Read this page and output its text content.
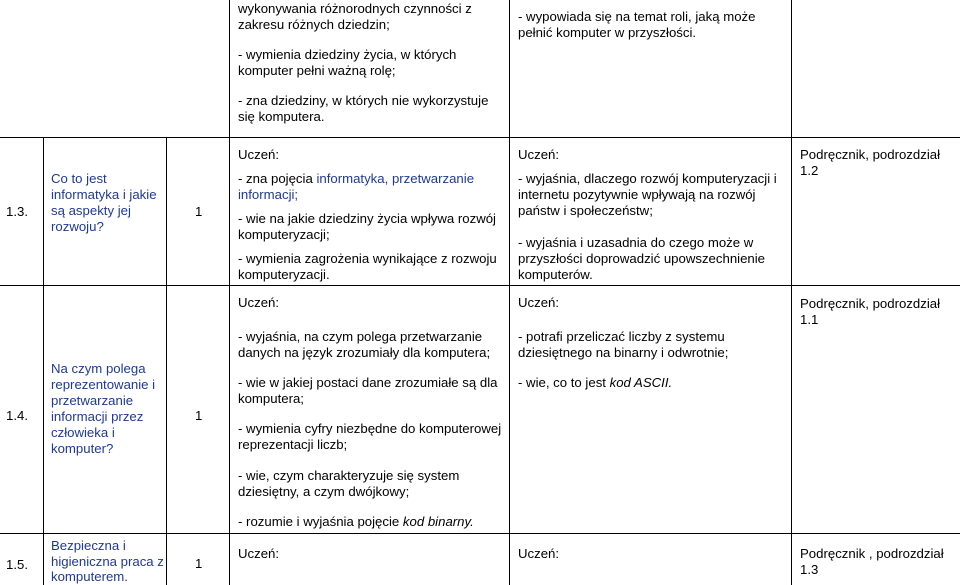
wykonywania różnorodnych czynności z
zakresu różnych dziedzin;
- wymienia dziedziny życia, w których
komputer pełni ważną rolę;
- zna dziedziny, w których nie wykorzystuje
się komputera.
- wypowiada się na temat roli, jaką może
pełnić komputer w przyszłości.
1.3.
Co to jest
informatyka i jakie
są aspekty jej
rozwoju?
1
Uczeń:
- zna pojęcia informatyka, przetwarzanie
informacji;
- wie na jakie dziedziny życia wpływa rozwój
komputeryzacji;
- wymienia zagrożenia wynikające z rozwoju
komputeryzacji.
Uczeń:
- wyjaśnia, dlaczego rozwój komputeryzacji i
internetu pozytywnie wpływają na rozwój
państw i społeczeństw;
- wyjaśnia i uzasadnia do czego może w
przyszłości doprowadzić upowszechnienie
komputerów.
Podręcznik, podrozdział
1.2
1.4.
Na czym polega
reprezentowanie i
przetwarzanie
informacji przez
człowieka i
komputer?
1
Uczeń:
- wyjaśnia, na czym polega przetwarzanie
danych na język zrozumiały dla komputera;
- wie w jakiej postaci dane zrozumiałe są dla
komputera;
- wymienia cyfry niezbędne do komputerowej
reprezentacji liczb;
- wie, czym charakteryzuje się system
dziesiętny, a czym dwójkowy;
- rozumie i wyjaśnia pojęcie kod binarny.
Uczeń:
- potrafi przeliczać liczby z systemu
dziesiętnego na binarny i odwrotnie;
- wie, co to jest kod ASCII.
Podręcznik, podrozdział
1.1
1.5.
Bezpieczna i
higieniczna praca z
komputerem.
1
Uczeń:	Uczeń:	Podręcznik , podrozdział
1.3
